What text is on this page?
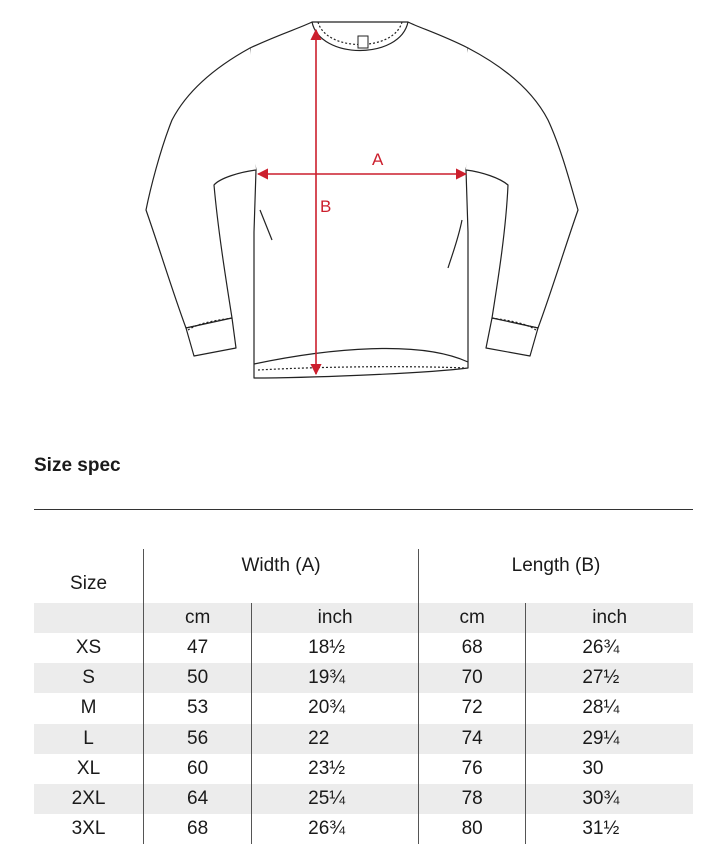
A
B
Size spec
Size	Width (A)		Length (B)	
	cm	inch	cm	inch
XS	47	18½	68	26¾
S	50	19¾	70	27½
M	53	20¾	72	28¼
L	56	22	74	29¼
XL	60	23½	76	30
2XL	64	25¼	78	30¾
3XL	68	26¾	80	31½
